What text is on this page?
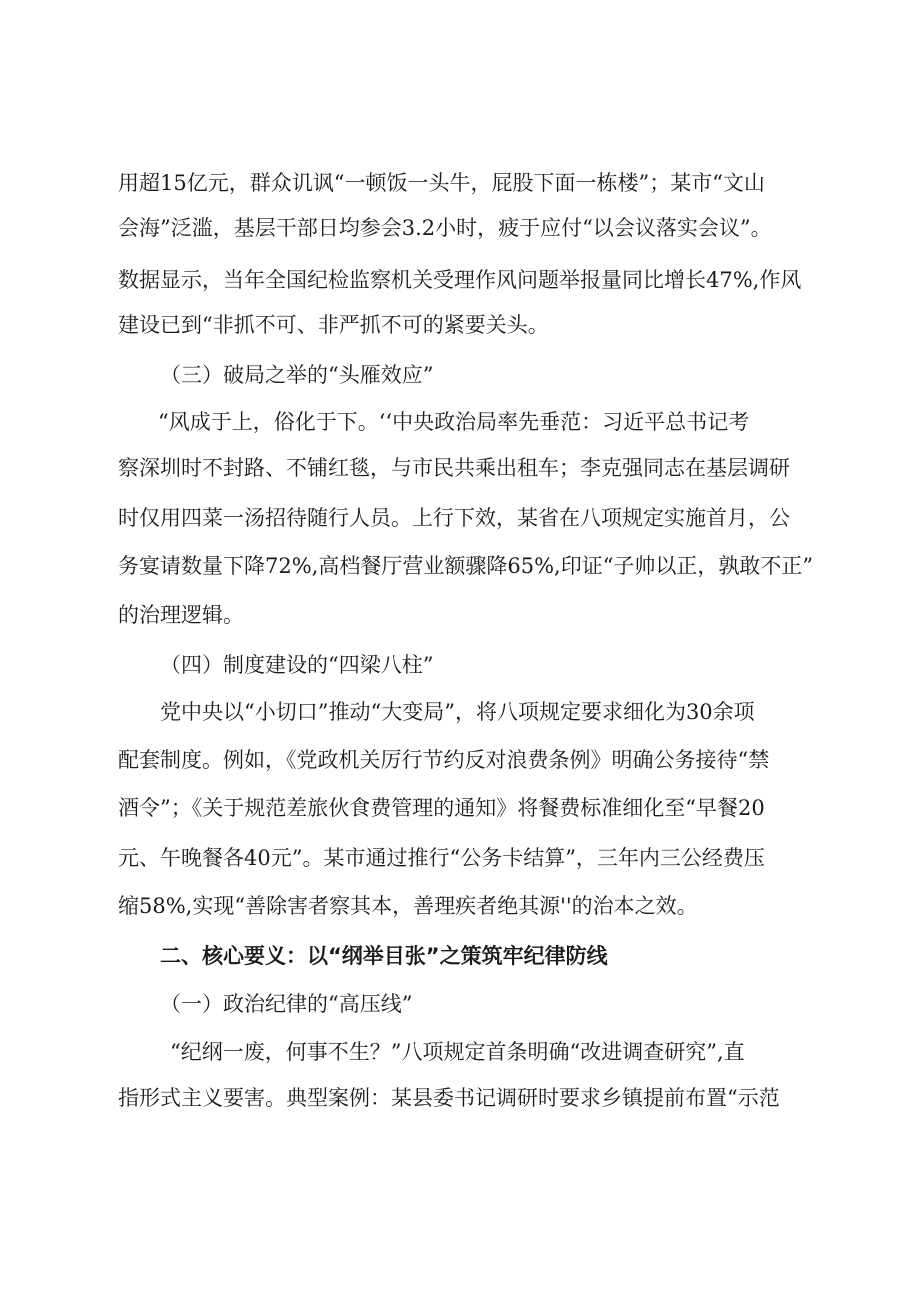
用超15亿元，群众讥讽“一顿饭一头牛，屁股下面一栋楼”；某市“文山
会海”泛滥，基层干部日均参会3.2小时，疲于应付“以会议落实会议”。
数据显示，当年全国纪检监察机关受理作风问题举报量同比增长47%,作风
建设已到“非抓不可、非严抓不可的紧要关头。
（三）破局之举的“头雁效应”
“风成于上，俗化于下。‘‘中央政治局率先垂范：习近平总书记考
察深圳时不封路、不铺红毯，与市民共乘出租车；李克强同志在基层调研
时仅用四菜一汤招待随行人员。上行下效，某省在八项规定实施首月，公
务宴请数量下降72%,高档餐厅营业额骤降65%,印证“子帅以正，孰敢不正”
的治理逻辑。
（四）制度建设的“四梁八柱”
党中央以“小切口”推动“大变局”，将八项规定要求细化为30余项
配套制度。例如，《党政机关厉行节约反对浪费条例》明确公务接待“禁
酒令”；《关于规范差旅伙食费管理的通知》将餐费标准细化至“早餐20
元、午晚餐各40元”。某市通过推行“公务卡结算”，三年内三公经费压
缩58%,实现“善除害者察其本，善理疾者绝其源''的治本之效。
二、核心要义：以“纲举目张”之策筑牢纪律防线
（一）政治纪律的“高压线”
“纪纲一废，何事不生？”八项规定首条明确“改进调查研究”,直
指形式主义要害。典型案例：某县委书记调研时要求乡镇提前布置“示范
